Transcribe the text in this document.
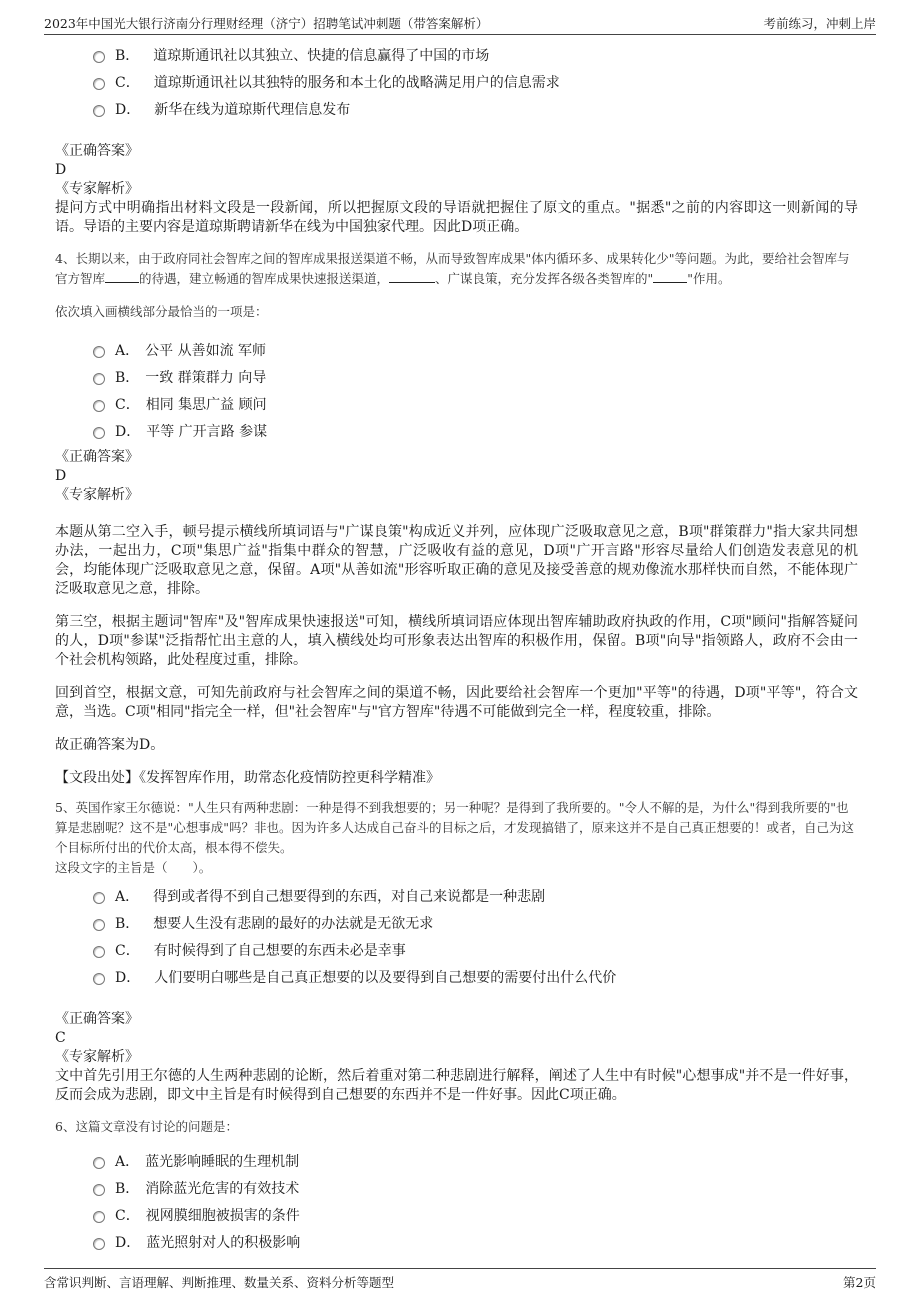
2023年中国光大银行济南分行理财经理（济宁）招聘笔试冲刺题（带答案解析）	考前练习，冲刺上岸
B． 道琼斯通讯社以其独立、快捷的信息赢得了中国的市场
C． 道琼斯通讯社以其独特的服务和本土化的战略满足用户的信息需求
D． 新华在线为道琼斯代理信息发布
《正确答案》
D
《专家解析》
提问方式中明确指出材料文段是一段新闻，所以把握原文段的导语就把握住了原文的重点。"据悉"之前的内容即这一则新闻的导语。导语的主要内容是道琼斯聘请新华在线为中国独家代理。因此D项正确。
4、长期以来，由于政府同社会智库之间的智库成果报送渠道不畅，从而导致智库成果"体内循环多、成果转化少"等问题。为此，要给社会智库与官方智库	的待遇，建立畅通的智库成果快速报送渠道，	、广谋良策，充分发挥各级各类智库的"	"作用。
依次填入画横线部分最恰当的一项是：
A． 公平 从善如流 军师
B． 一致 群策群力 向导
C． 相同 集思广益 顾问
D． 平等 广开言路 参谋
《正确答案》
D
《专家解析》
本题从第二空入手，顿号提示横线所填词语与"广谋良策"构成近义并列，应体现广泛吸取意见之意，B项"群策群力"指大家共同想办法，一起出力，C项"集思广益"指集中群众的智慧，广泛吸收有益的意见，D项"广开言路"形容尽量给人们创造发表意见的机会，均能体现广泛吸取意见之意，保留。A项"从善如流"形容听取正确的意见及接受善意的规劝像流水那样快而自然，不能体现广泛吸取意见之意，排除。
第三空，根据主题词"智库"及"智库成果快速报送"可知，横线所填词语应体现出智库辅助政府执政的作用，C项"顾问"指解答疑问的人，D项"参谋"泛指帮忙出主意的人，填入横线处均可形象表达出智库的积极作用，保留。B项"向导"指领路人，政府不会由一个社会机构领路，此处程度过重，排除。
回到首空，根据文意，可知先前政府与社会智库之间的渠道不畅，因此要给社会智库一个更加"平等"的待遇，D项"平等"，符合文意，当选。C项"相同"指完全一样，但"社会智库"与"官方智库"待遇不可能做到完全一样，程度较重，排除。
故正确答案为D。
【文段出处】《发挥智库作用，助常态化疫情防控更科学精准》
5、英国作家王尔德说："人生只有两种悲剧：一种是得不到我想要的；另一种呢？是得到了我所要的。"令人不解的是，为什么"得到我所要的"也算是悲剧呢？这不是"心想事成"吗？非也。因为许多人达成自己奋斗的目标之后，才发现搞错了，原来这并不是自己真正想要的！或者，自己为这个目标所付出的代价太高，根本得不偿失。
这段文字的主旨是（　　）。
A． 得到或者得不到自己想要得到的东西，对自己来说都是一种悲剧
B． 想要人生没有悲剧的最好的办法就是无欲无求
C． 有时候得到了自己想要的东西未必是幸事
D． 人们要明白哪些是自己真正想要的以及要得到自己想要的需要付出什么代价
《正确答案》
C
《专家解析》
文中首先引用王尔德的人生两种悲剧的论断，然后着重对第二种悲剧进行解释，阐述了人生中有时候"心想事成"并不是一件好事，反而会成为悲剧，即文中主旨是有时候得到自己想要的东西并不是一件好事。因此C项正确。
6、这篇文章没有讨论的问题是：
A． 蓝光影响睡眠的生理机制
B． 消除蓝光危害的有效技术
C． 视网膜细胞被损害的条件
D． 蓝光照射对人的积极影响
含常识判断、言语理解、判断推理、数量关系、资料分析等题型	第2页
